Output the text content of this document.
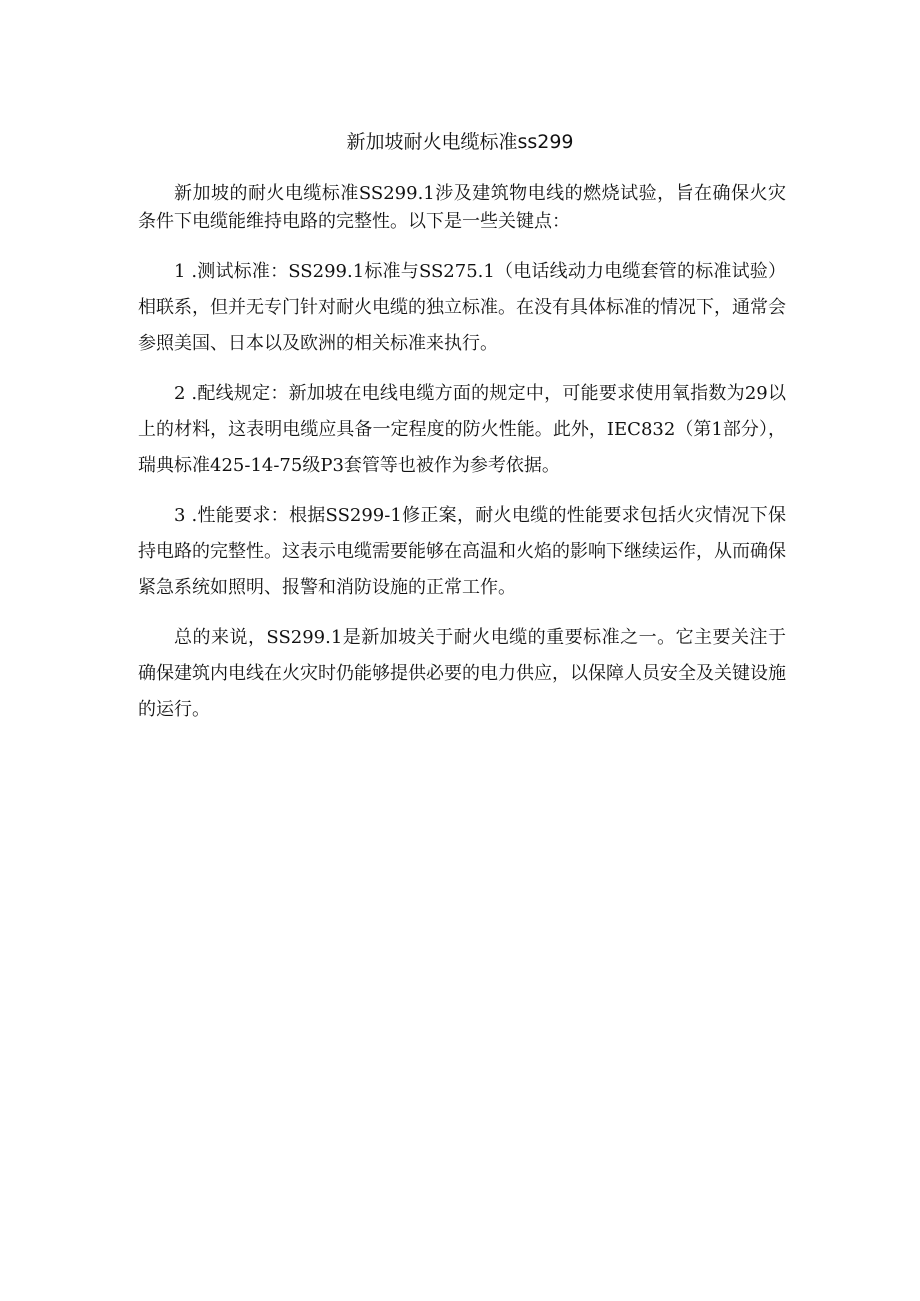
新加坡耐火电缆标准ss299

新加坡的耐火电缆标准SS299.1涉及建筑物电线的燃烧试验，旨在确保火灾条件下电缆能维持电路的完整性。以下是一些关键点：

1 .测试标准：SS299.1标准与SS275.1（电话线动力电缆套管的标准试验）相联系，但并无专门针对耐火电缆的独立标准。在没有具体标准的情况下，通常会参照美国、日本以及欧洲的相关标准来执行。

2 .配线规定：新加坡在电线电缆方面的规定中，可能要求使用氧指数为29以上的材料，这表明电缆应具备一定程度的防火性能。此外，IEC832（第1部分），瑞典标准425-14-75级P3套管等也被作为参考依据。

3 .性能要求：根据SS299-1修正案，耐火电缆的性能要求包括火灾情况下保持电路的完整性。这表示电缆需要能够在高温和火焰的影响下继续运作，从而确保紧急系统如照明、报警和消防设施的正常工作。

总的来说，SS299.1是新加坡关于耐火电缆的重要标准之一。它主要关注于确保建筑内电线在火灾时仍能够提供必要的电力供应，以保障人员安全及关键设施的运行。
